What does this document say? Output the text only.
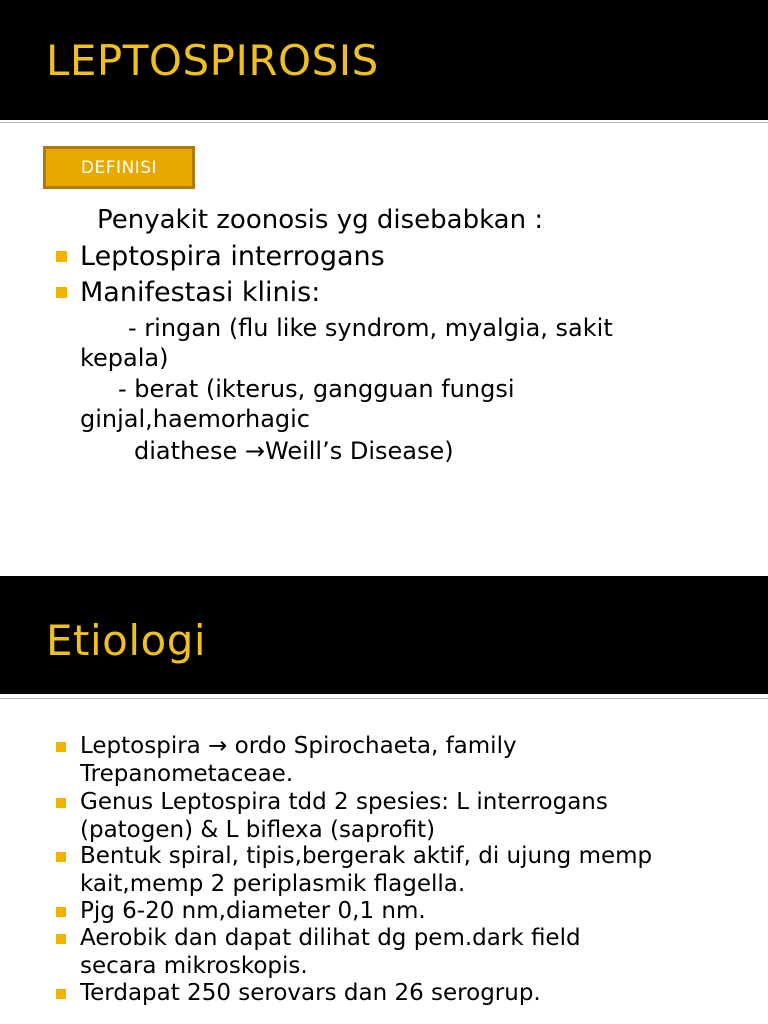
LEPTOSPIROSIS
DEFINISI
Penyakit zoonosis yg disebabkan :
Leptospira interrogans
Manifestasi klinis:
- ringan (flu like syndrom, myalgia, sakit
kepala)
- berat (ikterus, gangguan fungsi
ginjal,haemorhagic
diathese →Weill’s Disease)
Etiologi
Leptospira → ordo Spirochaeta, family
Trepanometaceae.
Genus Leptospira tdd 2 spesies: L interrogans
(patogen) & L biflexa (saprofit)
Bentuk spiral, tipis,bergerak aktif, di ujung memp
kait,memp 2 periplasmik flagella.
Pjg 6-20 nm,diameter 0,1 nm.
Aerobik dan dapat dilihat dg pem.dark field
secara mikroskopis.
Terdapat 250 serovars dan 26 serogrup.
